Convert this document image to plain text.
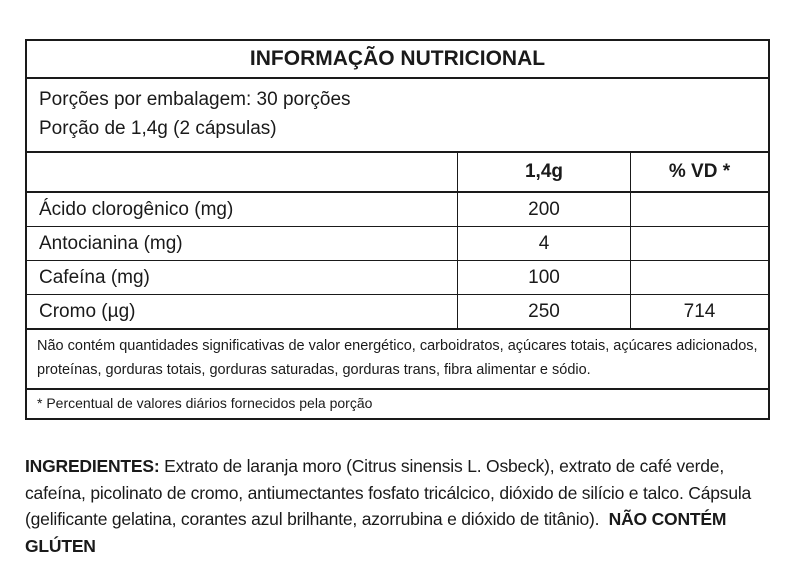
INFORMAÇÃO NUTRICIONAL
Porções por embalagem: 30 porções
Porção de 1,4g (2 cápsulas)
	1,4g	% VD *
Ácido clorogênico (mg)	200	
Antocianina (mg)	4	
Cafeína (mg)	100	
Cromo (µg)	250	714
Não contém quantidades significativas de valor energético, carboidratos, açúcares totais, açúcares adicionados, proteínas, gorduras totais, gorduras saturadas, gorduras trans, fibra alimentar e sódio.
* Percentual de valores diários fornecidos pela porção
INGREDIENTES: Extrato de laranja moro (Citrus sinensis L. Osbeck), extrato de café verde, cafeína, picolinato de cromo, antiumectantes fosfato tricálcico, dióxido de silício e talco. Cápsula (gelificante gelatina, corantes azul brilhante, azorrubina e dióxido de titânio). NÃO CONTÉM GLÚTEN
